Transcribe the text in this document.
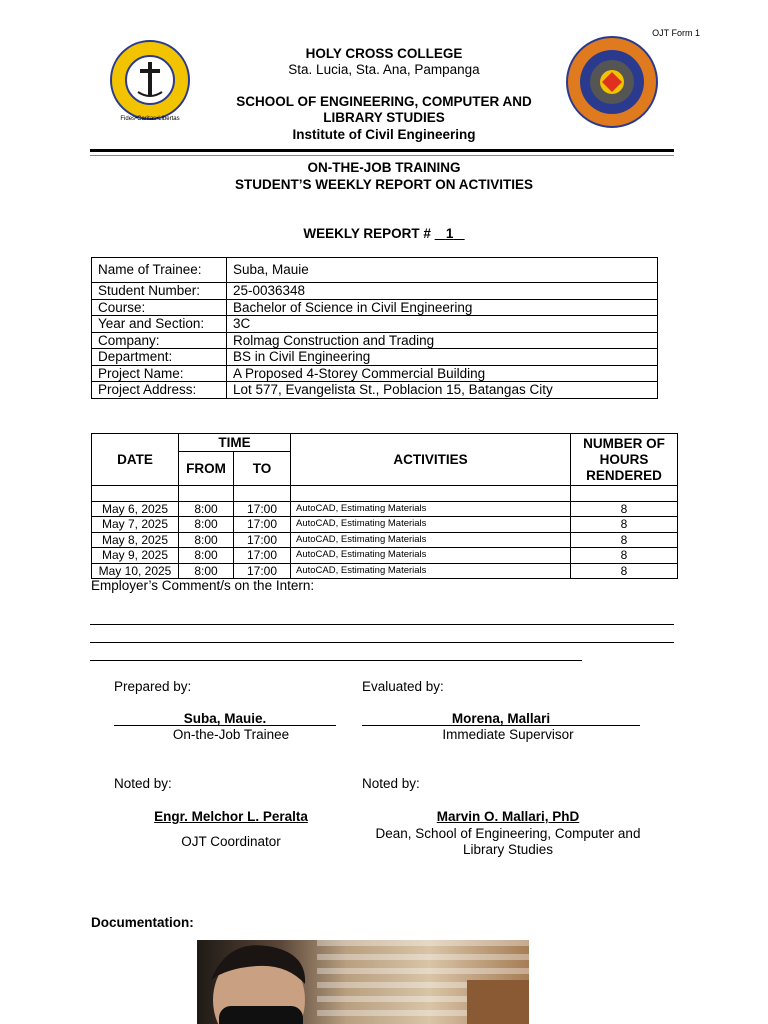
OJT Form 1
Fides•Caritas•Libertas
HOLY CROSS COLLEGE
Sta. Lucia, Sta. Ana, Pampanga
SCHOOL OF ENGINEERING, COMPUTER AND
LIBRARY STUDIES
Institute of Civil Engineering
ON-THE-JOB TRAINING
STUDENT’S WEEKLY REPORT ON ACTIVITIES
WEEKLY REPORT #    1
Name of Trainee:	Suba, Mauie
Student Number:	25-0036348
Course:	Bachelor of Science in Civil Engineering
Year and Section:	3C
Company:	Rolmag Construction and Trading
Department:	BS in Civil Engineering
Project Name:	A Proposed 4-Storey Commercial Building
Project Address:	Lot 577, Evangelista St., Poblacion 15, Batangas City
DATE	TIME		ACTIVITIES	NUMBER OF HOURS RENDERED
	FROM	TO		

May 6, 2025	8:00	17:00	AutoCAD, Estimating Materials	8
May 7, 2025	8:00	17:00	AutoCAD, Estimating Materials	8
May 8, 2025	8:00	17:00	AutoCAD, Estimating Materials	8
May 9, 2025	8:00	17:00	AutoCAD, Estimating Materials	8
May 10, 2025	8:00	17:00	AutoCAD, Estimating Materials	8
Employer’s Comment/s on the Intern:
Prepared by:	Evaluated by:
Suba, Mauie.
On-the-Job Trainee
Morena, Mallari
Immediate Supervisor
Noted by:	Noted by:
Engr. Melchor L. Peralta
OJT Coordinator
Marvin O. Mallari, PhD
Dean, School of Engineering, Computer and
Library Studies
Documentation:
